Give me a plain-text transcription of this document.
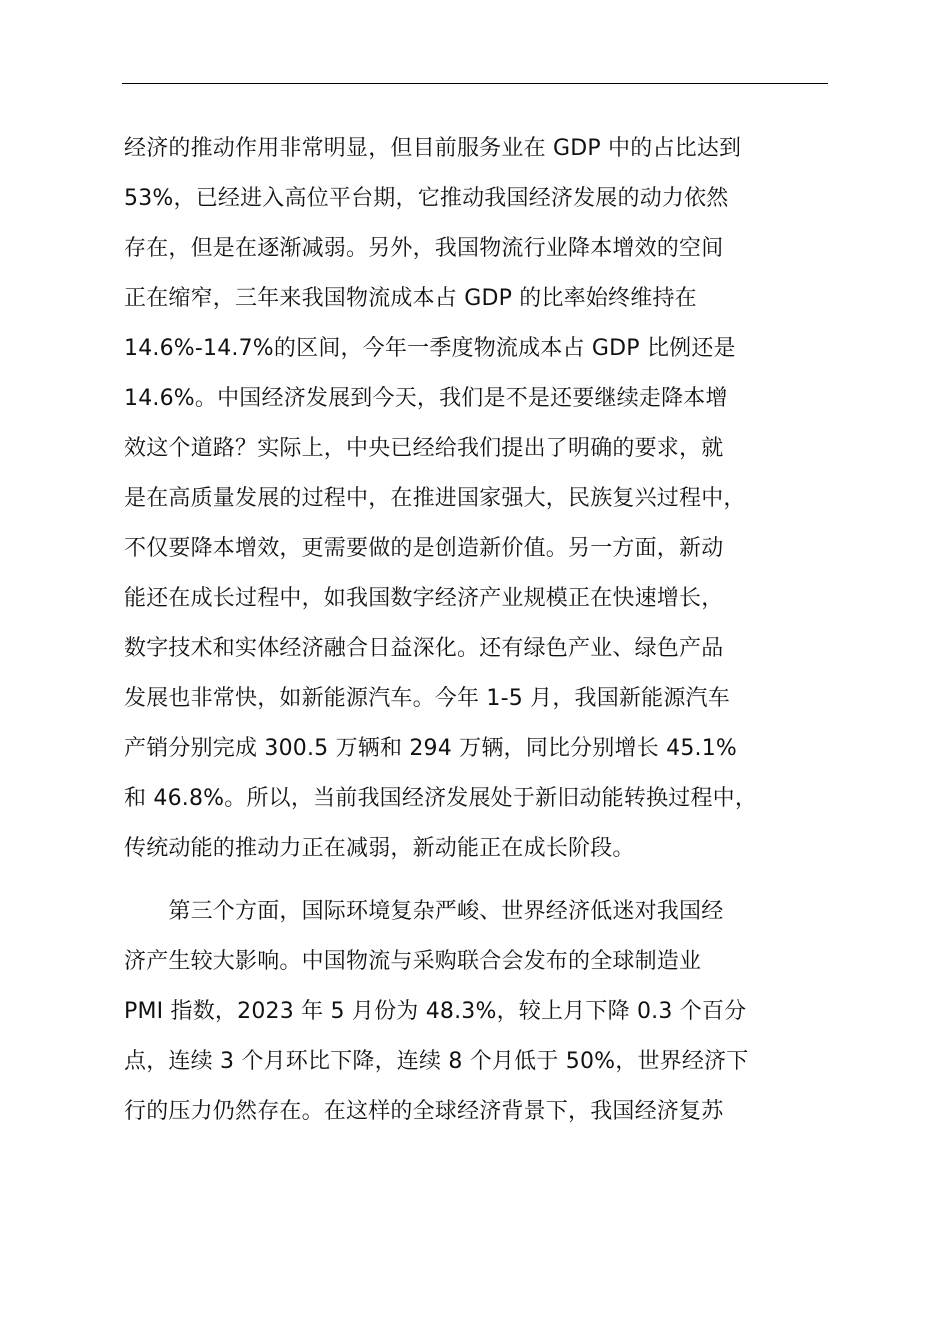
经济的推动作用非常明显，但目前服务业在 GDP 中的占比达到
53%，已经进入高位平台期，它推动我国经济发展的动力依然
存在，但是在逐渐减弱。另外，我国物流行业降本增效的空间
正在缩窄，三年来我国物流成本占 GDP 的比率始终维持在
14.6%-14.7%的区间，今年一季度物流成本占 GDP 比例还是
14.6%。中国经济发展到今天，我们是不是还要继续走降本增
效这个道路？实际上，中央已经给我们提出了明确的要求，就
是在高质量发展的过程中，在推进国家强大，民族复兴过程中，
不仅要降本增效，更需要做的是创造新价值。另一方面，新动
能还在成长过程中，如我国数字经济产业规模正在快速增长，
数字技术和实体经济融合日益深化。还有绿色产业、绿色产品
发展也非常快，如新能源汽车。今年 1-5 月，我国新能源汽车
产销分别完成 300.5 万辆和 294 万辆，同比分别增长 45.1%
和 46.8%。所以，当前我国经济发展处于新旧动能转换过程中，
传统动能的推动力正在减弱，新动能正在成长阶段。
　　第三个方面，国际环境复杂严峻、世界经济低迷对我国经
济产生较大影响。中国物流与采购联合会发布的全球制造业
PMI 指数，2023 年 5 月份为 48.3%，较上月下降 0.3 个百分
点，连续 3 个月环比下降，连续 8 个月低于 50%，世界经济下
行的压力仍然存在。在这样的全球经济背景下，我国经济复苏
